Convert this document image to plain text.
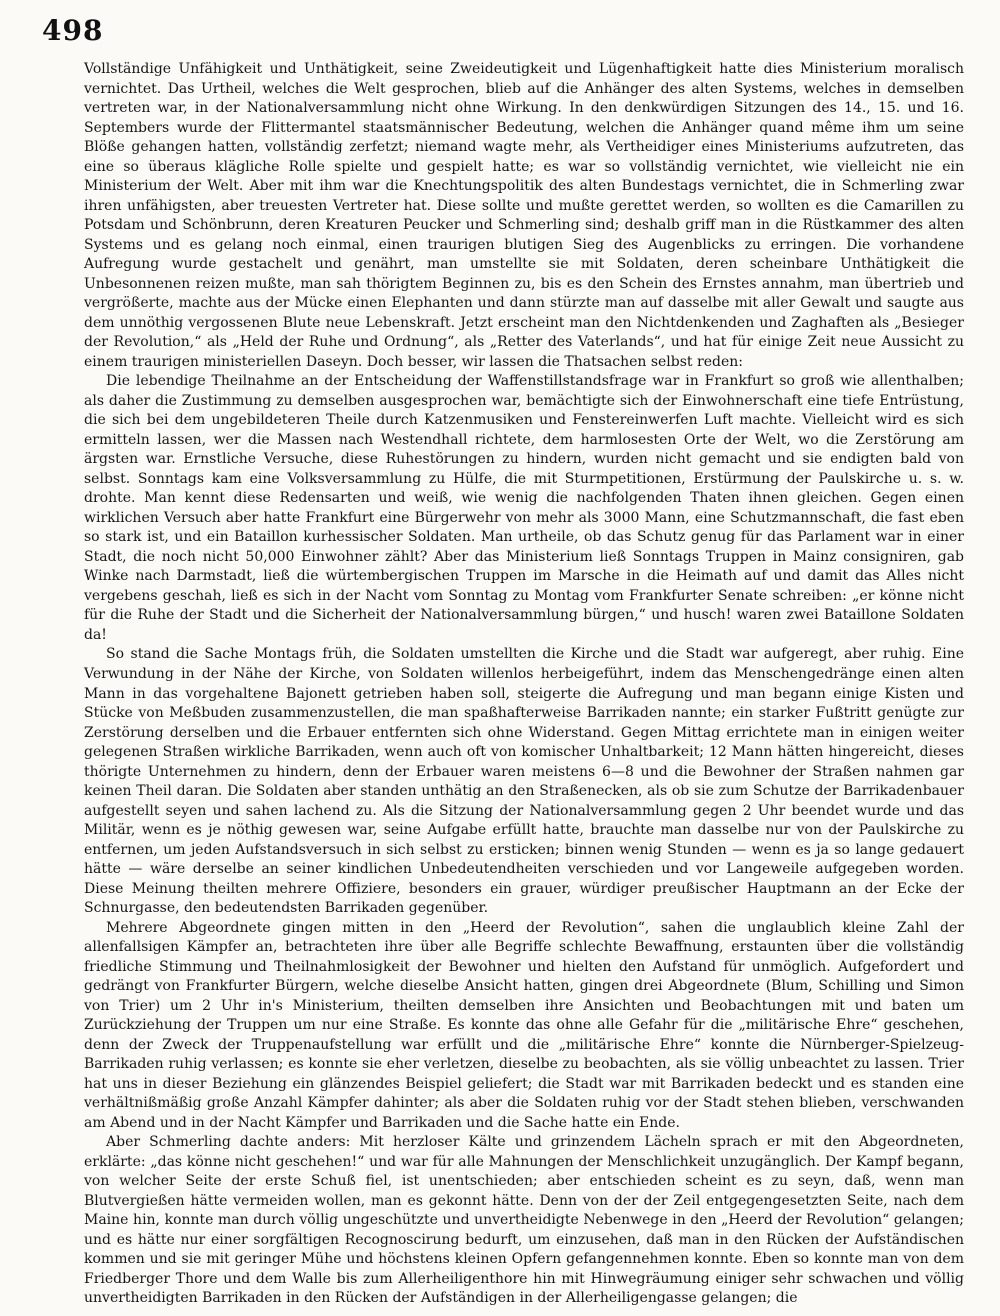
498

Vollständige Unfähigkeit und Unthätigkeit, seine Zweideutigkeit und Lügenhaftigkeit hatte dies Ministerium moralisch vernichtet. Das Urtheil, welches die Welt gesprochen, blieb auf die Anhänger des alten Systems, welches in demselben vertreten war, in der Nationalversammlung nicht ohne Wirkung. In den denkwürdigen Sitzungen des 14., 15. und 16. Septembers wurde der Flittermantel staatsmännischer Bedeutung, welchen die Anhänger quand même ihm um seine Blöße gehangen hatten, vollständig zerfetzt; niemand wagte mehr, als Vertheidiger eines Ministeriums aufzutreten, das eine so überaus klägliche Rolle spielte und gespielt hatte; es war so vollständig vernichtet, wie vielleicht nie ein Ministerium der Welt. Aber mit ihm war die Knechtungspolitik des alten Bundestags vernichtet, die in Schmerling zwar ihren unfähigsten, aber treuesten Vertreter hat. Diese sollte und mußte gerettet werden, so wollten es die Camarillen zu Potsdam und Schönbrunn, deren Kreaturen Peucker und Schmerling sind; deshalb griff man in die Rüstkammer des alten Systems und es gelang noch einmal, einen traurigen blutigen Sieg des Augenblicks zu erringen. Die vorhandene Aufregung wurde gestachelt und genährt, man umstellte sie mit Soldaten, deren scheinbare Unthätigkeit die Unbesonnenen reizen mußte, man sah thörigtem Beginnen zu, bis es den Schein des Ernstes annahm, man übertrieb und vergrößerte, machte aus der Mücke einen Elephanten und dann stürzte man auf dasselbe mit aller Gewalt und saugte aus dem unnöthig vergossenen Blute neue Lebenskraft. Jetzt erscheint man den Nichtdenkenden und Zaghaften als „Besieger der Revolution,“ als „Held der Ruhe und Ordnung“, als „Retter des Vaterlands“, und hat für einige Zeit neue Aussicht zu einem traurigen ministeriellen Daseyn. Doch besser, wir lassen die Thatsachen selbst reden:

Die lebendige Theilnahme an der Entscheidung der Waffenstillstandsfrage war in Frankfurt so groß wie allenthalben; als daher die Zustimmung zu demselben ausgesprochen war, bemächtigte sich der Einwohnerschaft eine tiefe Entrüstung, die sich bei dem ungebildeteren Theile durch Katzenmusiken und Fenstereinwerfen Luft machte. Vielleicht wird es sich ermitteln lassen, wer die Massen nach Westendhall richtete, dem harmlosesten Orte der Welt, wo die Zerstörung am ärgsten war. Ernstliche Versuche, diese Ruhestörungen zu hindern, wurden nicht gemacht und sie endigten bald von selbst. Sonntags kam eine Volksversammlung zu Hülfe, die mit Sturmpetitionen, Erstürmung der Paulskirche u. s. w. drohte. Man kennt diese Redensarten und weiß, wie wenig die nachfolgenden Thaten ihnen gleichen. Gegen einen wirklichen Versuch aber hatte Frankfurt eine Bürgerwehr von mehr als 3000 Mann, eine Schutzmannschaft, die fast eben so stark ist, und ein Bataillon kurhessischer Soldaten. Man urtheile, ob das Schutz genug für das Parlament war in einer Stadt, die noch nicht 50,000 Einwohner zählt? Aber das Ministerium ließ Sonntags Truppen in Mainz consigniren, gab Winke nach Darmstadt, ließ die würtembergischen Truppen im Marsche in die Heimath auf und damit das Alles nicht vergebens geschah, ließ es sich in der Nacht vom Sonntag zu Montag vom Frankfurter Senate schreiben: „er könne nicht für die Ruhe der Stadt und die Sicherheit der Nationalversammlung bürgen,“ und husch! waren zwei Bataillone Soldaten da!

So stand die Sache Montags früh, die Soldaten umstellten die Kirche und die Stadt war aufgeregt, aber ruhig. Eine Verwundung in der Nähe der Kirche, von Soldaten willenlos herbeigeführt, indem das Menschengedränge einen alten Mann in das vorgehaltene Bajonett getrieben haben soll, steigerte die Aufregung und man begann einige Kisten und Stücke von Meßbuden zusammenzustellen, die man spaßhafterweise Barrikaden nannte; ein starker Fußtritt genügte zur Zerstörung derselben und die Erbauer entfernten sich ohne Widerstand. Gegen Mittag errichtete man in einigen weiter gelegenen Straßen wirkliche Barrikaden, wenn auch oft von komischer Unhaltbarkeit; 12 Mann hätten hingereicht, dieses thörigte Unternehmen zu hindern, denn der Erbauer waren meistens 6—8 und die Bewohner der Straßen nahmen gar keinen Theil daran. Die Soldaten aber standen unthätig an den Straßenecken, als ob sie zum Schutze der Barrikadenbauer aufgestellt seyen und sahen lachend zu. Als die Sitzung der Nationalversammlung gegen 2 Uhr beendet wurde und das Militär, wenn es je nöthig gewesen war, seine Aufgabe erfüllt hatte, brauchte man dasselbe nur von der Paulskirche zu entfernen, um jeden Aufstandsversuch in sich selbst zu ersticken; binnen wenig Stunden — wenn es ja so lange gedauert hätte — wäre derselbe an seiner kindlichen Unbedeutendheiten verschieden und vor Langeweile aufgegeben worden. Diese Meinung theilten mehrere Offiziere, besonders ein grauer, würdiger preußischer Hauptmann an der Ecke der Schnurgasse, den bedeutendsten Barrikaden gegenüber.

Mehrere Abgeordnete gingen mitten in den „Heerd der Revolution“, sahen die unglaublich kleine Zahl der allenfallsigen Kämpfer an, betrachteten ihre über alle Begriffe schlechte Bewaffnung, erstaunten über die vollständig friedliche Stimmung und Theilnahmlosigkeit der Bewohner und hielten den Aufstand für unmöglich. Aufgefordert und gedrängt von Frankfurter Bürgern, welche dieselbe Ansicht hatten, gingen drei Abgeordnete (Blum, Schilling und Simon von Trier) um 2 Uhr in's Ministerium, theilten demselben ihre Ansichten und Beobachtungen mit und baten um Zurückziehung der Truppen um nur eine Straße. Es konnte das ohne alle Gefahr für die „militärische Ehre“ geschehen, denn der Zweck der Truppenaufstellung war erfüllt und die „militärische Ehre“ konnte die Nürnberger-Spielzeug-Barrikaden ruhig verlassen; es konnte sie eher verletzen, dieselbe zu beobachten, als sie völlig unbeachtet zu lassen. Trier hat uns in dieser Beziehung ein glänzendes Beispiel geliefert; die Stadt war mit Barrikaden bedeckt und es standen eine verhältnißmäßig große Anzahl Kämpfer dahinter; als aber die Soldaten ruhig vor der Stadt stehen blieben, verschwanden am Abend und in der Nacht Kämpfer und Barrikaden und die Sache hatte ein Ende.

Aber Schmerling dachte anders: Mit herzloser Kälte und grinzendem Lächeln sprach er mit den Abgeordneten, erklärte: „das könne nicht geschehen!“ und war für alle Mahnungen der Menschlichkeit unzugänglich. Der Kampf begann, von welcher Seite der erste Schuß fiel, ist unentschieden; aber entschieden scheint es zu seyn, daß, wenn man Blutvergießen hätte vermeiden wollen, man es gekonnt hätte. Denn von der der Zeil entgegengesetzten Seite, nach dem Maine hin, konnte man durch völlig ungeschützte und unvertheidigte Nebenwege in den „Heerd der Revolution“ gelangen; und es hätte nur einer sorgfältigen Recognoscirung bedurft, um einzusehen, daß man in den Rücken der Aufständischen kommen und sie mit geringer Mühe und höchstens kleinen Opfern gefangennehmen konnte. Eben so konnte man von dem Friedberger Thore und dem Walle bis zum Allerheiligenthore hin mit Hinwegräumung einiger sehr schwachen und völlig unvertheidigten Barrikaden in den Rücken der Aufständigen in der Allerheiligengasse gelangen; die
